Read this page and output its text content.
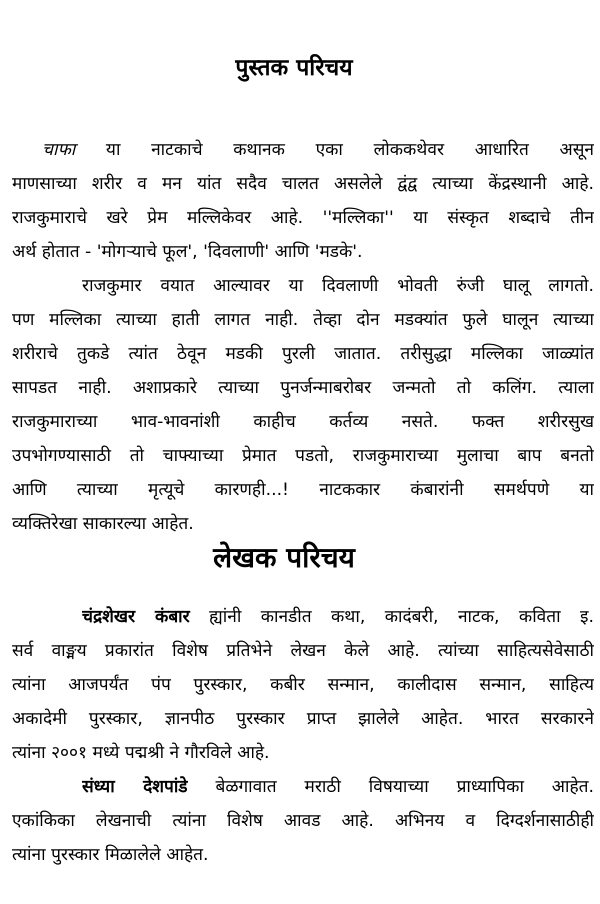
पुस्तक परिचय
चाफा या नाटकाचे कथानक एका लोककथेवर आधारित असून
माणसाच्या शरीर व मन यांत सदैव चालत असलेले द्वंद्व त्याच्या केंद्रस्थानी आहे.
राजकुमाराचे खरे प्रेम मल्लिकेवर आहे. ''मल्लिका'' या संस्कृत शब्दाचे तीन
अर्थ होतात - 'मोगऱ्याचे फूल', 'दिवलाणी' आणि 'मडके'.
राजकुमार वयात आल्यावर या दिवलाणी भोवती रुंजी घालू लागतो.
पण मल्लिका त्याच्या हाती लागत नाही. तेव्हा दोन मडक्यांत फुले घालून त्याच्या
शरीराचे तुकडे त्यांत ठेवून मडकी पुरली जातात. तरीसुद्धा मल्लिका जाळ्यांत
सापडत नाही. अशाप्रकारे त्याच्या पुनर्जन्माबरोबर जन्मतो तो कलिंग. त्याला
राजकुमाराच्या भाव-भावनांशी काहीच कर्तव्य नसते. फक्त शरीरसुख
उपभोगण्यासाठी तो चाफ्याच्या प्रेमात पडतो, राजकुमाराच्या मुलाचा बाप बनतो
आणि त्याच्या मृत्यूचे कारणही...! नाटककार कंबारांनी समर्थपणे या
व्यक्तिरेखा साकारल्या आहेत.
लेखक परिचय
चंद्रशेखर कंबार ह्यांनी कानडीत कथा, कादंबरी, नाटक, कविता इ.
सर्व वाङ्मय प्रकारांत विशेष प्रतिभेने लेखन केले आहे. त्यांच्या साहित्यसेवेसाठी
त्यांना आजपर्यंत पंप पुरस्कार, कबीर सन्मान, कालीदास सन्मान, साहित्य
अकादेमी पुरस्कार, ज्ञानपीठ पुरस्कार प्राप्त झालेले आहेत. भारत सरकारने
त्यांना २००१ मध्ये पद्मश्री ने गौरविले आहे.
संध्या देशपांडे बेळगावात मराठी विषयाच्या प्राध्यापिका आहेत.
एकांकिका लेखनाची त्यांना विशेष आवड आहे. अभिनय व दिग्दर्शनासाठीही
त्यांना पुरस्कार मिळालेले आहेत.
